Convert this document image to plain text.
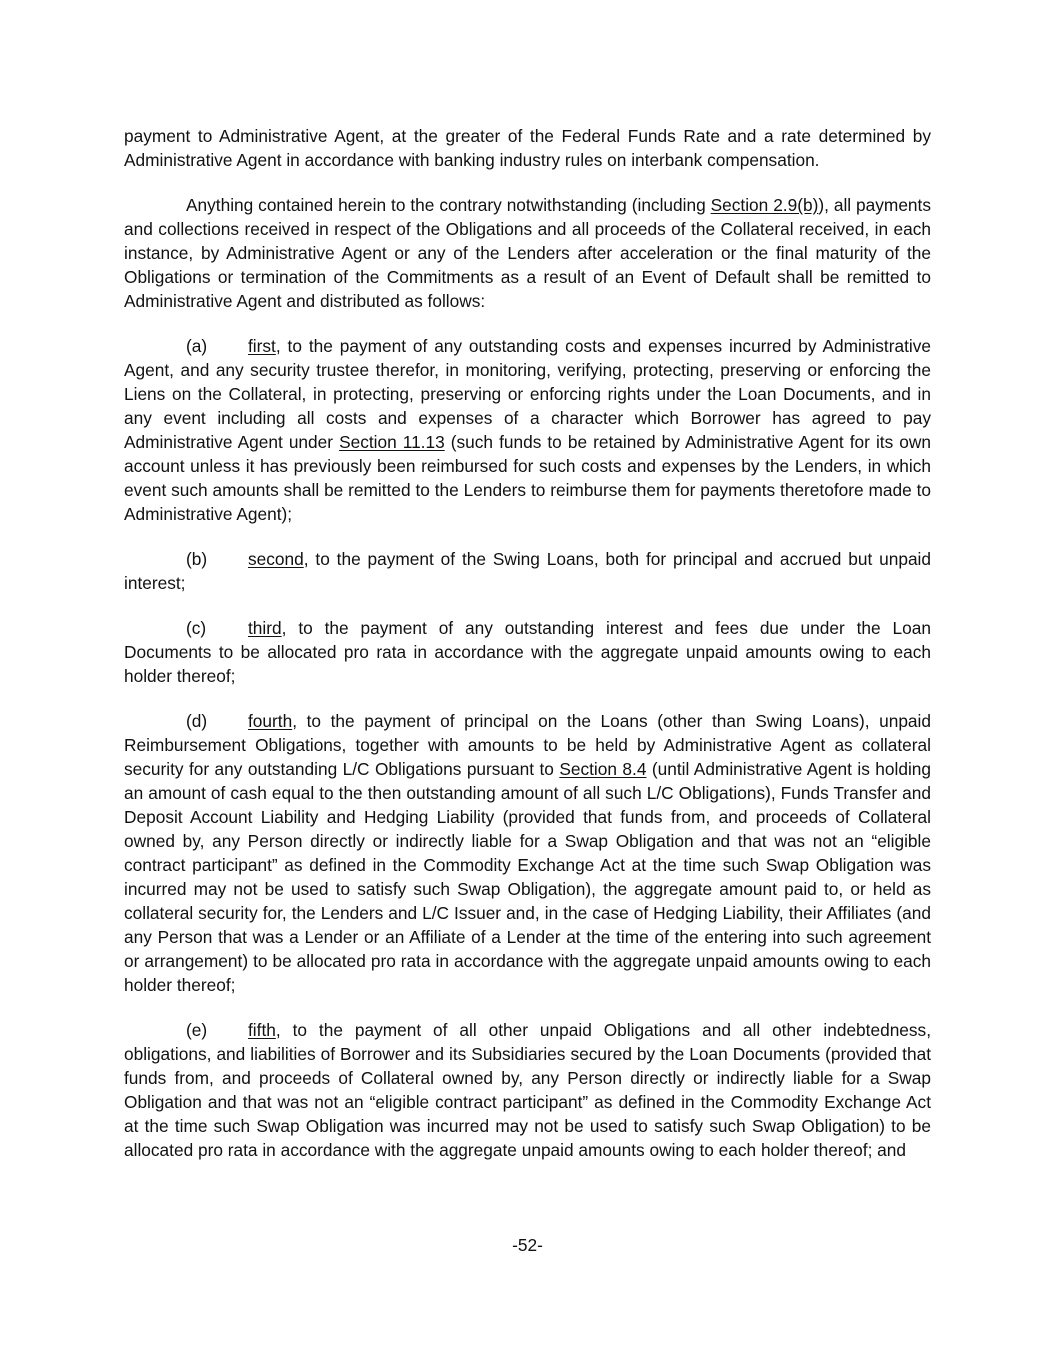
payment to Administrative Agent, at the greater of the Federal Funds Rate and a rate determined by Administrative Agent in accordance with banking industry rules on interbank compensation.

Anything contained herein to the contrary notwithstanding (including Section 2.9(b)), all payments and collections received in respect of the Obligations and all proceeds of the Collateral received, in each instance, by Administrative Agent or any of the Lenders after acceleration or the final maturity of the Obligations or termination of the Commitments as a result of an Event of Default shall be remitted to Administrative Agent and distributed as follows:

(a) first, to the payment of any outstanding costs and expenses incurred by Administrative Agent, and any security trustee therefor, in monitoring, verifying, protecting, preserving or enforcing the Liens on the Collateral, in protecting, preserving or enforcing rights under the Loan Documents, and in any event including all costs and expenses of a character which Borrower has agreed to pay Administrative Agent under Section 11.13 (such funds to be retained by Administrative Agent for its own account unless it has previously been reimbursed for such costs and expenses by the Lenders, in which event such amounts shall be remitted to the Lenders to reimburse them for payments theretofore made to Administrative Agent);

(b) second, to the payment of the Swing Loans, both for principal and accrued but unpaid interest;

(c) third, to the payment of any outstanding interest and fees due under the Loan Documents to be allocated pro rata in accordance with the aggregate unpaid amounts owing to each holder thereof;

(d) fourth, to the payment of principal on the Loans (other than Swing Loans), unpaid Reimbursement Obligations, together with amounts to be held by Administrative Agent as collateral security for any outstanding L/C Obligations pursuant to Section 8.4 (until Administrative Agent is holding an amount of cash equal to the then outstanding amount of all such L/C Obligations), Funds Transfer and Deposit Account Liability and Hedging Liability (provided that funds from, and proceeds of Collateral owned by, any Person directly or indirectly liable for a Swap Obligation and that was not an “eligible contract participant” as defined in the Commodity Exchange Act at the time such Swap Obligation was incurred may not be used to satisfy such Swap Obligation), the aggregate amount paid to, or held as collateral security for, the Lenders and L/C Issuer and, in the case of Hedging Liability, their Affiliates (and any Person that was a Lender or an Affiliate of a Lender at the time of the entering into such agreement or arrangement) to be allocated pro rata in accordance with the aggregate unpaid amounts owing to each holder thereof;

(e) fifth, to the payment of all other unpaid Obligations and all other indebtedness, obligations, and liabilities of Borrower and its Subsidiaries secured by the Loan Documents (provided that funds from, and proceeds of Collateral owned by, any Person directly or indirectly liable for a Swap Obligation and that was not an “eligible contract participant” as defined in the Commodity Exchange Act at the time such Swap Obligation was incurred may not be used to satisfy such Swap Obligation) to be allocated pro rata in accordance with the aggregate unpaid amounts owing to each holder thereof; and

-52-
